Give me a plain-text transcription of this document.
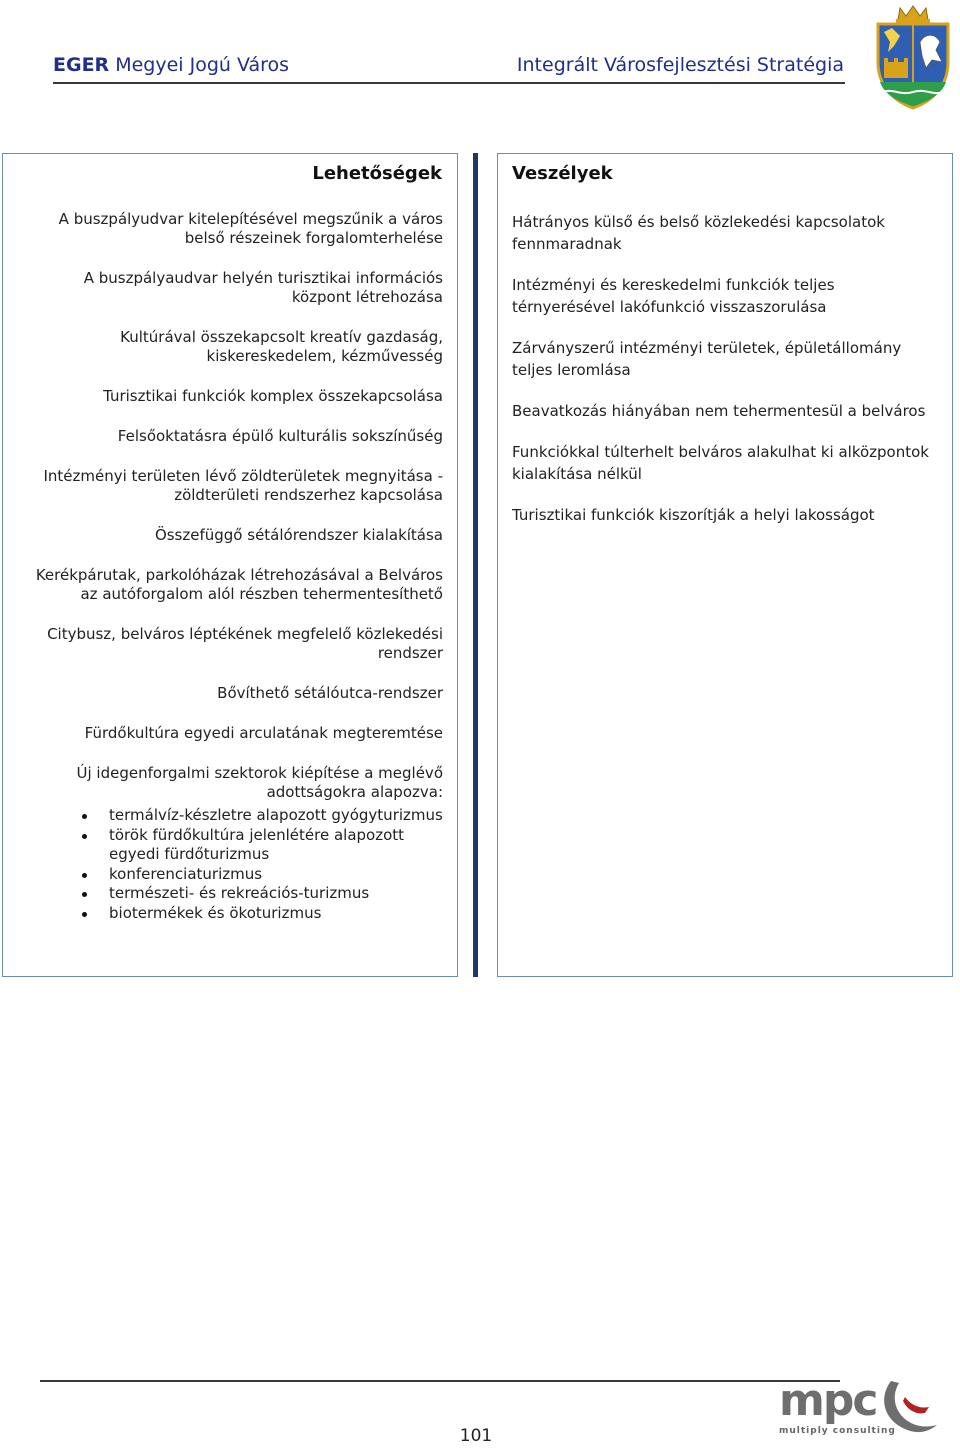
EGER Megyei Jogú Város	Integrált Városfejlesztési Stratégia
Lehetőségek	Veszélyek
A buszpályudvar kitelepítésével megszűnik a város belső részeinek forgalomterhelése
A buszpályaudvar helyén turisztikai információs központ létrehozása
Kultúrával összekapcsolt kreatív gazdaság, kiskereskedelem, kézművesség
Turisztikai funkciók komplex összekapcsolása
Felsőoktatásra épülő kulturális sokszínűség
Intézményi területen lévő zöldterületek megnyitása - zöldterületi rendszerhez kapcsolása
Összefüggő sétálórendszer kialakítása
Kerékpárutak, parkolóházak létrehozásával a Belváros az autóforgalom alól részben tehermentesíthető
Citybusz, belváros léptékének megfelelő közlekedési rendszer
Bővíthető sétálóutca-rendszer
Fürdőkultúra egyedi arculatának megteremtése
Új idegenforgalmi szektorok kiépítése a meglévő adottságokra alapozva:
termálvíz-készletre alapozott gyógyturizmus
török fürdőkultúra jelenlétére alapozott egyedi fürdőturizmus
konferenciaturizmus
természeti- és rekreációs-turizmus
biotermékek és ökoturizmus
Hátrányos külső és belső közlekedési kapcsolatok fennmaradnak
Intézményi és kereskedelmi funkciók teljes térnyerésével lakófunkció visszaszorulása
Zárványszerű intézményi területek, épületállomány teljes leromlása
Beavatkozás hiányában nem tehermentesül a belváros
Funkciókkal túlterhelt belváros alakulhat ki alközpontok kialakítása nélkül
Turisztikai funkciók kiszorítják a helyi lakosságot
101
mpc
multiply consulting
